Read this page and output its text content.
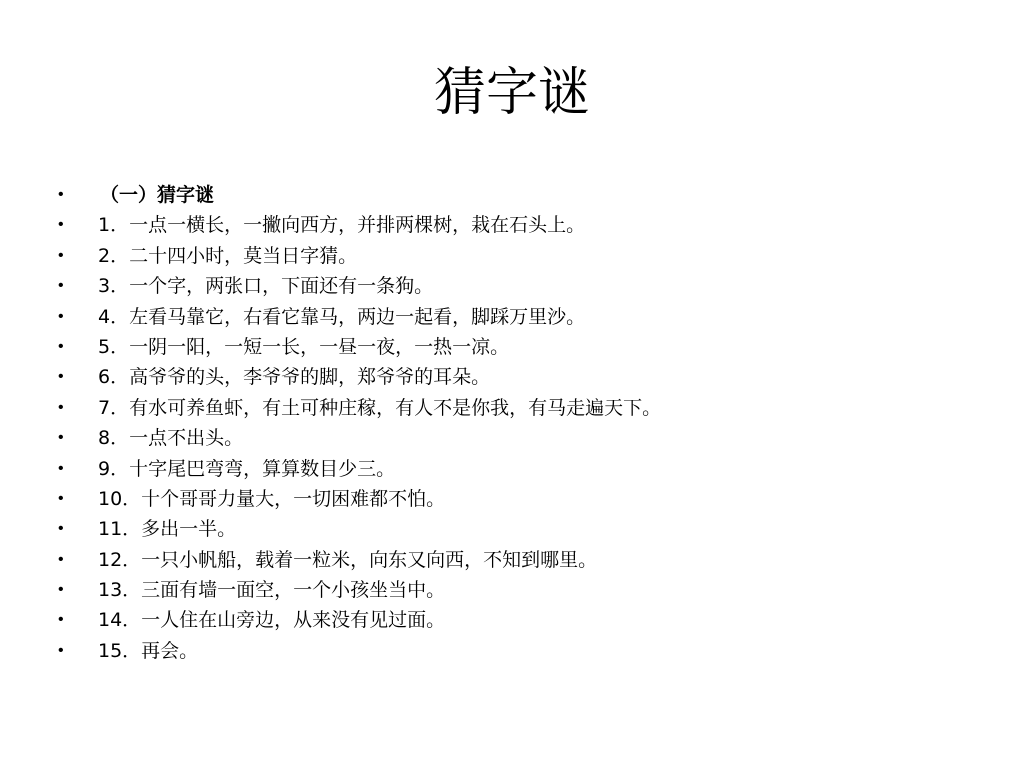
猜字谜
•	（一）猜字谜
•	1．一点一横长，一撇向西方，并排两棵树，栽在石头上。
•	2．二十四小时，莫当日字猜。
•	3．一个字，两张口，下面还有一条狗。
•	4．左看马靠它，右看它靠马，两边一起看，脚踩万里沙。
•	5．一阴一阳，一短一长，一昼一夜，一热一凉。
•	6．高爷爷的头，李爷爷的脚，郑爷爷的耳朵。
•	7．有水可养鱼虾，有土可种庄稼，有人不是你我，有马走遍天下。
•	8．一点不出头。
•	9．十字尾巴弯弯，算算数目少三。
•	10．十个哥哥力量大，一切困难都不怕。
•	11．多出一半。
•	12．一只小帆船，载着一粒米，向东又向西，不知到哪里。
•	13．三面有墙一面空，一个小孩坐当中。
•	14．一人住在山旁边，从来没有见过面。
•	15．再会。
